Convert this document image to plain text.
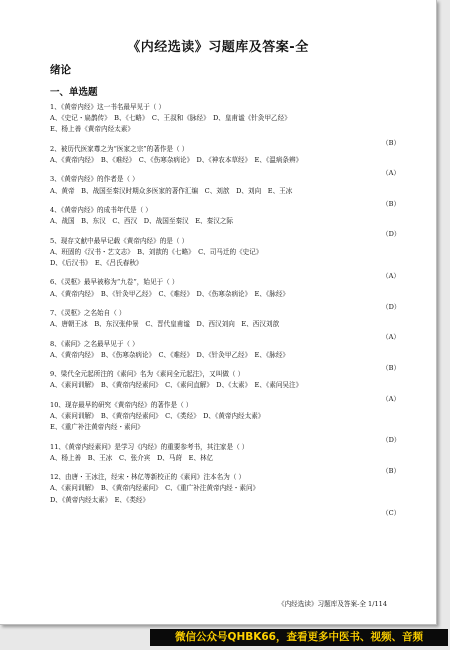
《内经选读》习题库及答案-全
绪论
一、单选题
1、《黄帝内经》这一书名最早见于（ ）
A、《史记・扁鹊传》　B、《七略》　C、王叔和《脉经》　D、皇甫谧《针灸甲乙经》
E、杨上善《黄帝内经太素》
（B）
2、被历代医家尊之为“医家之宗”的著作是（ ）
A、《黄帝内经》　B、《难经》　C、《伤寒杂病论》　D、《神农本草经》　E、《温病条辨》
（A）
3、《黄帝内经》的作者是（ ）
A、黄帝　B、战国至秦汉时期众多医家的著作汇编　C、刘歆　D、刘向　E、王冰
（B）
4、《黄帝内经》的成书年代是（ ）
A、战国　B、东汉　C、西汉　D、战国至秦汉　E、秦汉之际
（D）
5、现存文献中最早记载《黄帝内经》的是（ ）
A、班固的《汉书・艺文志》　B、刘歆的《七略》　C、司马迁的《史记》
D、《后汉书》　E、《吕氏春秋》
（A）
6、《灵枢》最早被称为“九卷”，始见于（ ）
A、《黄帝内经》　B、《针灸甲乙经》　C、《难经》　D、《伤寒杂病论》　E、《脉经》
（D）
7、《灵枢》之名始自（ ）
A、唐朝王冰　B、东汉张仲景　C、晋代皇甫谧　D、西汉刘向　E、西汉刘歆
（A）
8、《素问》之名最早见于（ ）
A、《黄帝内经》　B、《伤寒杂病论》　C、《难经》　D、《针灸甲乙经》　E、《脉经》
（B）
9、梁代全元起所注的《素问》名为《素问全元起注》，又叫做（ ）
A、《素问训解》　B、《黄帝内经素问》　C、《素问直解》　D、《太素》　E、《素问吴注》
（A）
10、现存最早的研究《黄帝内经》的著作是（ ）
A、《素问训解》　B、《黄帝内经素问》　C、《类经》　D、《黄帝内经太素》
E、《重广补注黄帝内经・素问》
（D）
11、《黄帝内经素问》是学习《内经》的重要参考书，其注家是（ ）
A、杨上善　B、王冰　C、张介宾　D、马莳　E、林亿
（B）
12、由唐・王冰注，经宋・林亿等新校正的《素问》注本名为（ ）
A、《素问训解》　B、《黄帝内经素问》　C、《重广补注黄帝内经・素问》
D、《黄帝内经太素》　E、《类经》
（C）
《内经选读》习题库及答案-全 1/114
微信公众号QHBK66，查看更多中医书、视频、音频
